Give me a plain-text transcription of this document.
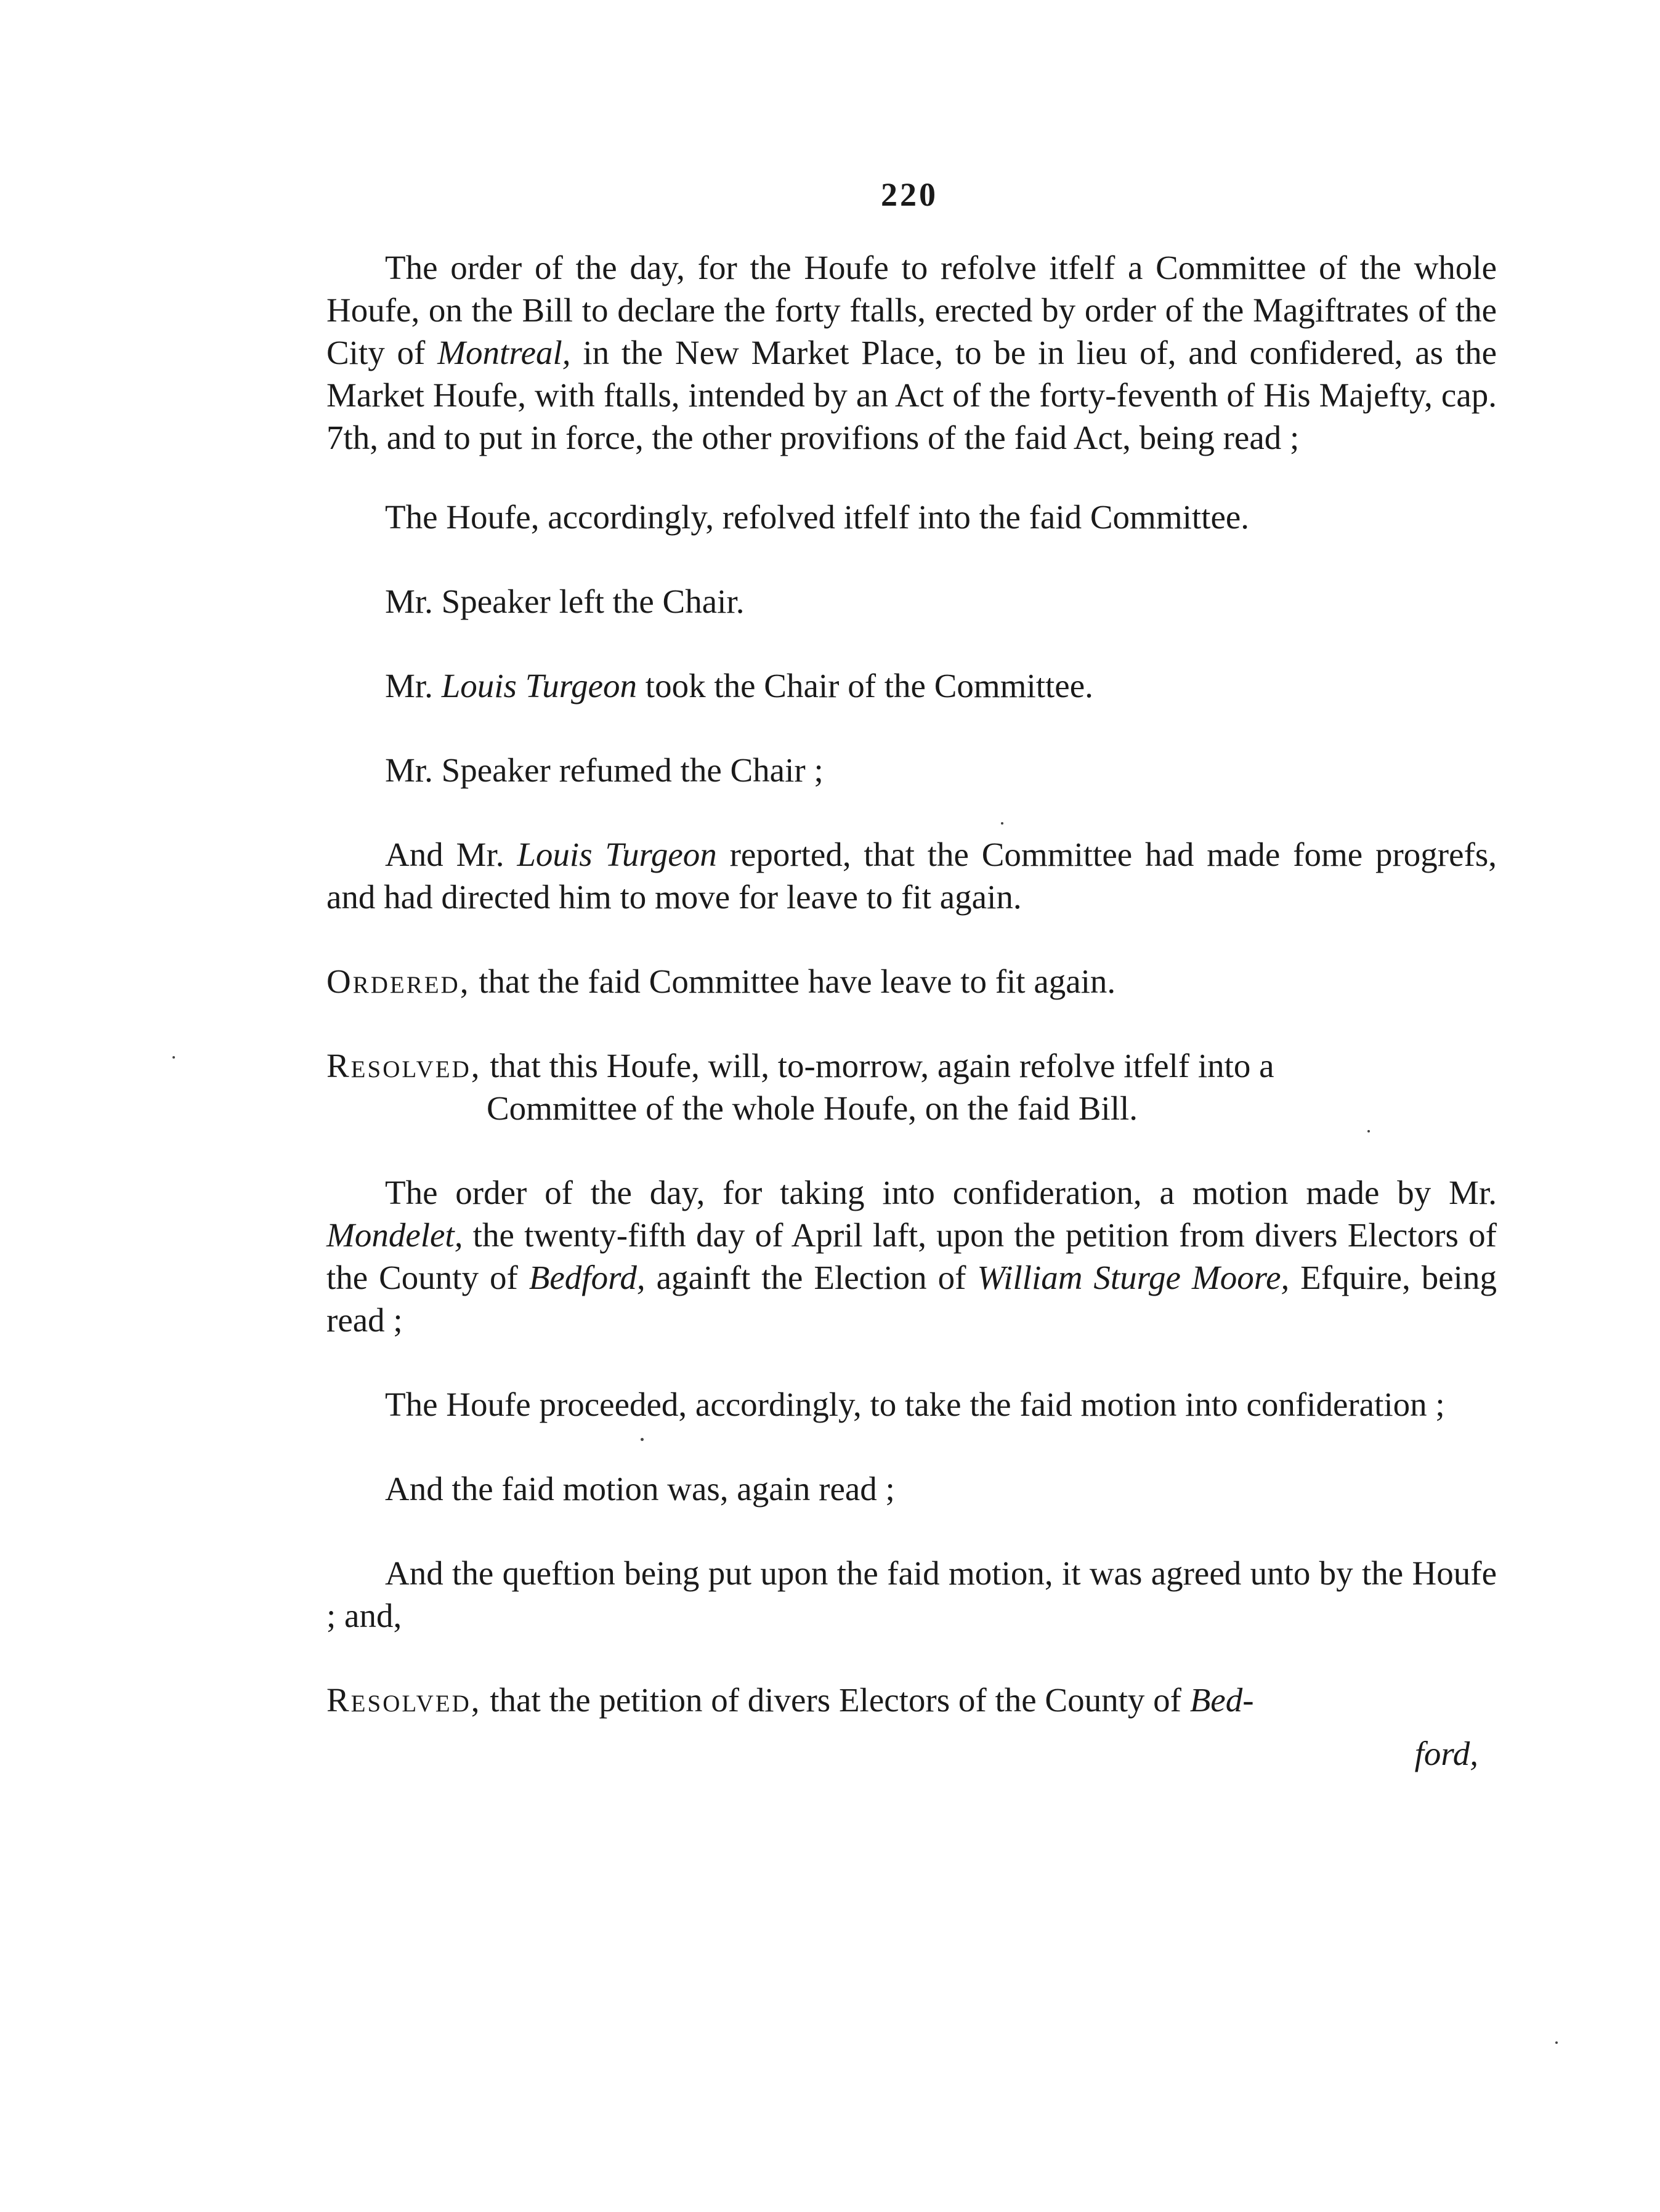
220

The order of the day, for the Houfe to refolve itfelf a Committee of the whole Houfe, on the Bill to declare the forty ftalls, erected by order of the Magiftrates of the City of Montreal, in the New Market Place, to be in lieu of, and confidered, as the Market Houfe, with ftalls, intended by an Act of the forty-feventh of His Majefty, cap. 7th, and to put in force, the other provifions of the faid Act, being read ;

The Houfe, accordingly, refolved itfelf into the faid Committee.

Mr. Speaker left the Chair.

Mr. Louis Turgeon took the Chair of the Committee.

Mr. Speaker refumed the Chair ;

And Mr. Louis Turgeon reported, that the Committee had made fome progrefs, and had directed him to move for leave to fit again.

Ordered, that the faid Committee have leave to fit again.

Resolved, that this Houfe, will, to-morrow, again refolve itfelf into a
Committee of the whole Houfe, on the faid Bill.

The order of the day, for taking into confideration, a motion made by Mr. Mondelet, the twenty-fifth day of April laft, upon the petition from divers Electors of the County of Bedford, againft the Election of William Sturge Moore, Efquire, being read ;

The Houfe proceeded, accordingly, to take the faid motion into confideration ;

And the faid motion was, again read ;

And the queftion being put upon the faid motion, it was agreed unto by the Houfe ; and,

Resolved, that the petition of divers Electors of the County of Bed-

ford,
